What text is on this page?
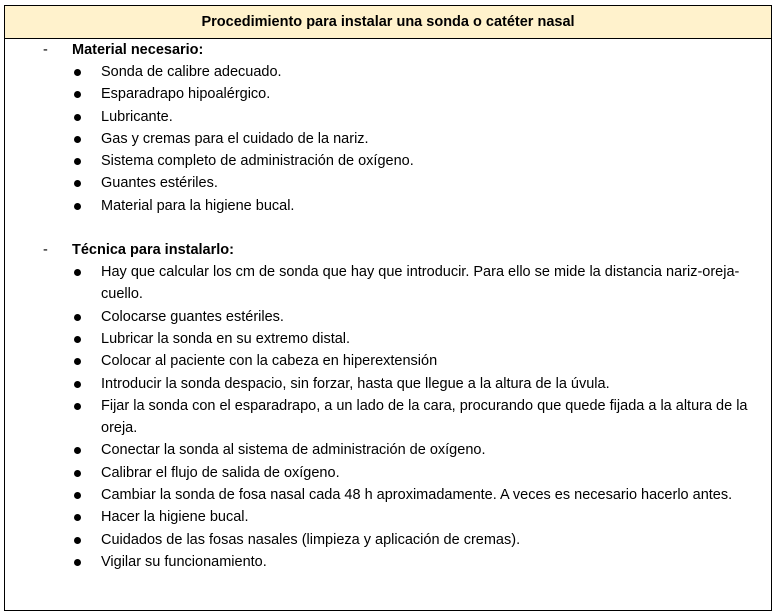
Procedimiento para instalar una sonda o catéter nasal
- Material necesario:
Sonda de calibre adecuado.
Esparadrapo hipoalérgico.
Lubricante.
Gas y cremas para el cuidado de la nariz.
Sistema completo de administración de oxígeno.
Guantes estériles.
Material para la higiene bucal.
- Técnica para instalarlo:
Hay que calcular los cm de sonda que hay que introducir. Para ello se mide la distancia nariz-oreja-cuello.
Colocarse guantes estériles.
Lubricar la sonda en su extremo distal.
Colocar al paciente con la cabeza en hiperextensión
Introducir la sonda despacio, sin forzar, hasta que llegue a la altura de la úvula.
Fijar la sonda con el esparadrapo, a un lado de la cara, procurando que quede fijada a la altura de la oreja.
Conectar la sonda al sistema de administración de oxígeno.
Calibrar el flujo de salida de oxígeno.
Cambiar la sonda de fosa nasal cada 48 h aproximadamente. A veces es necesario hacerlo antes.
Hacer la higiene bucal.
Cuidados de las fosas nasales (limpieza y aplicación de cremas).
Vigilar su funcionamiento.
